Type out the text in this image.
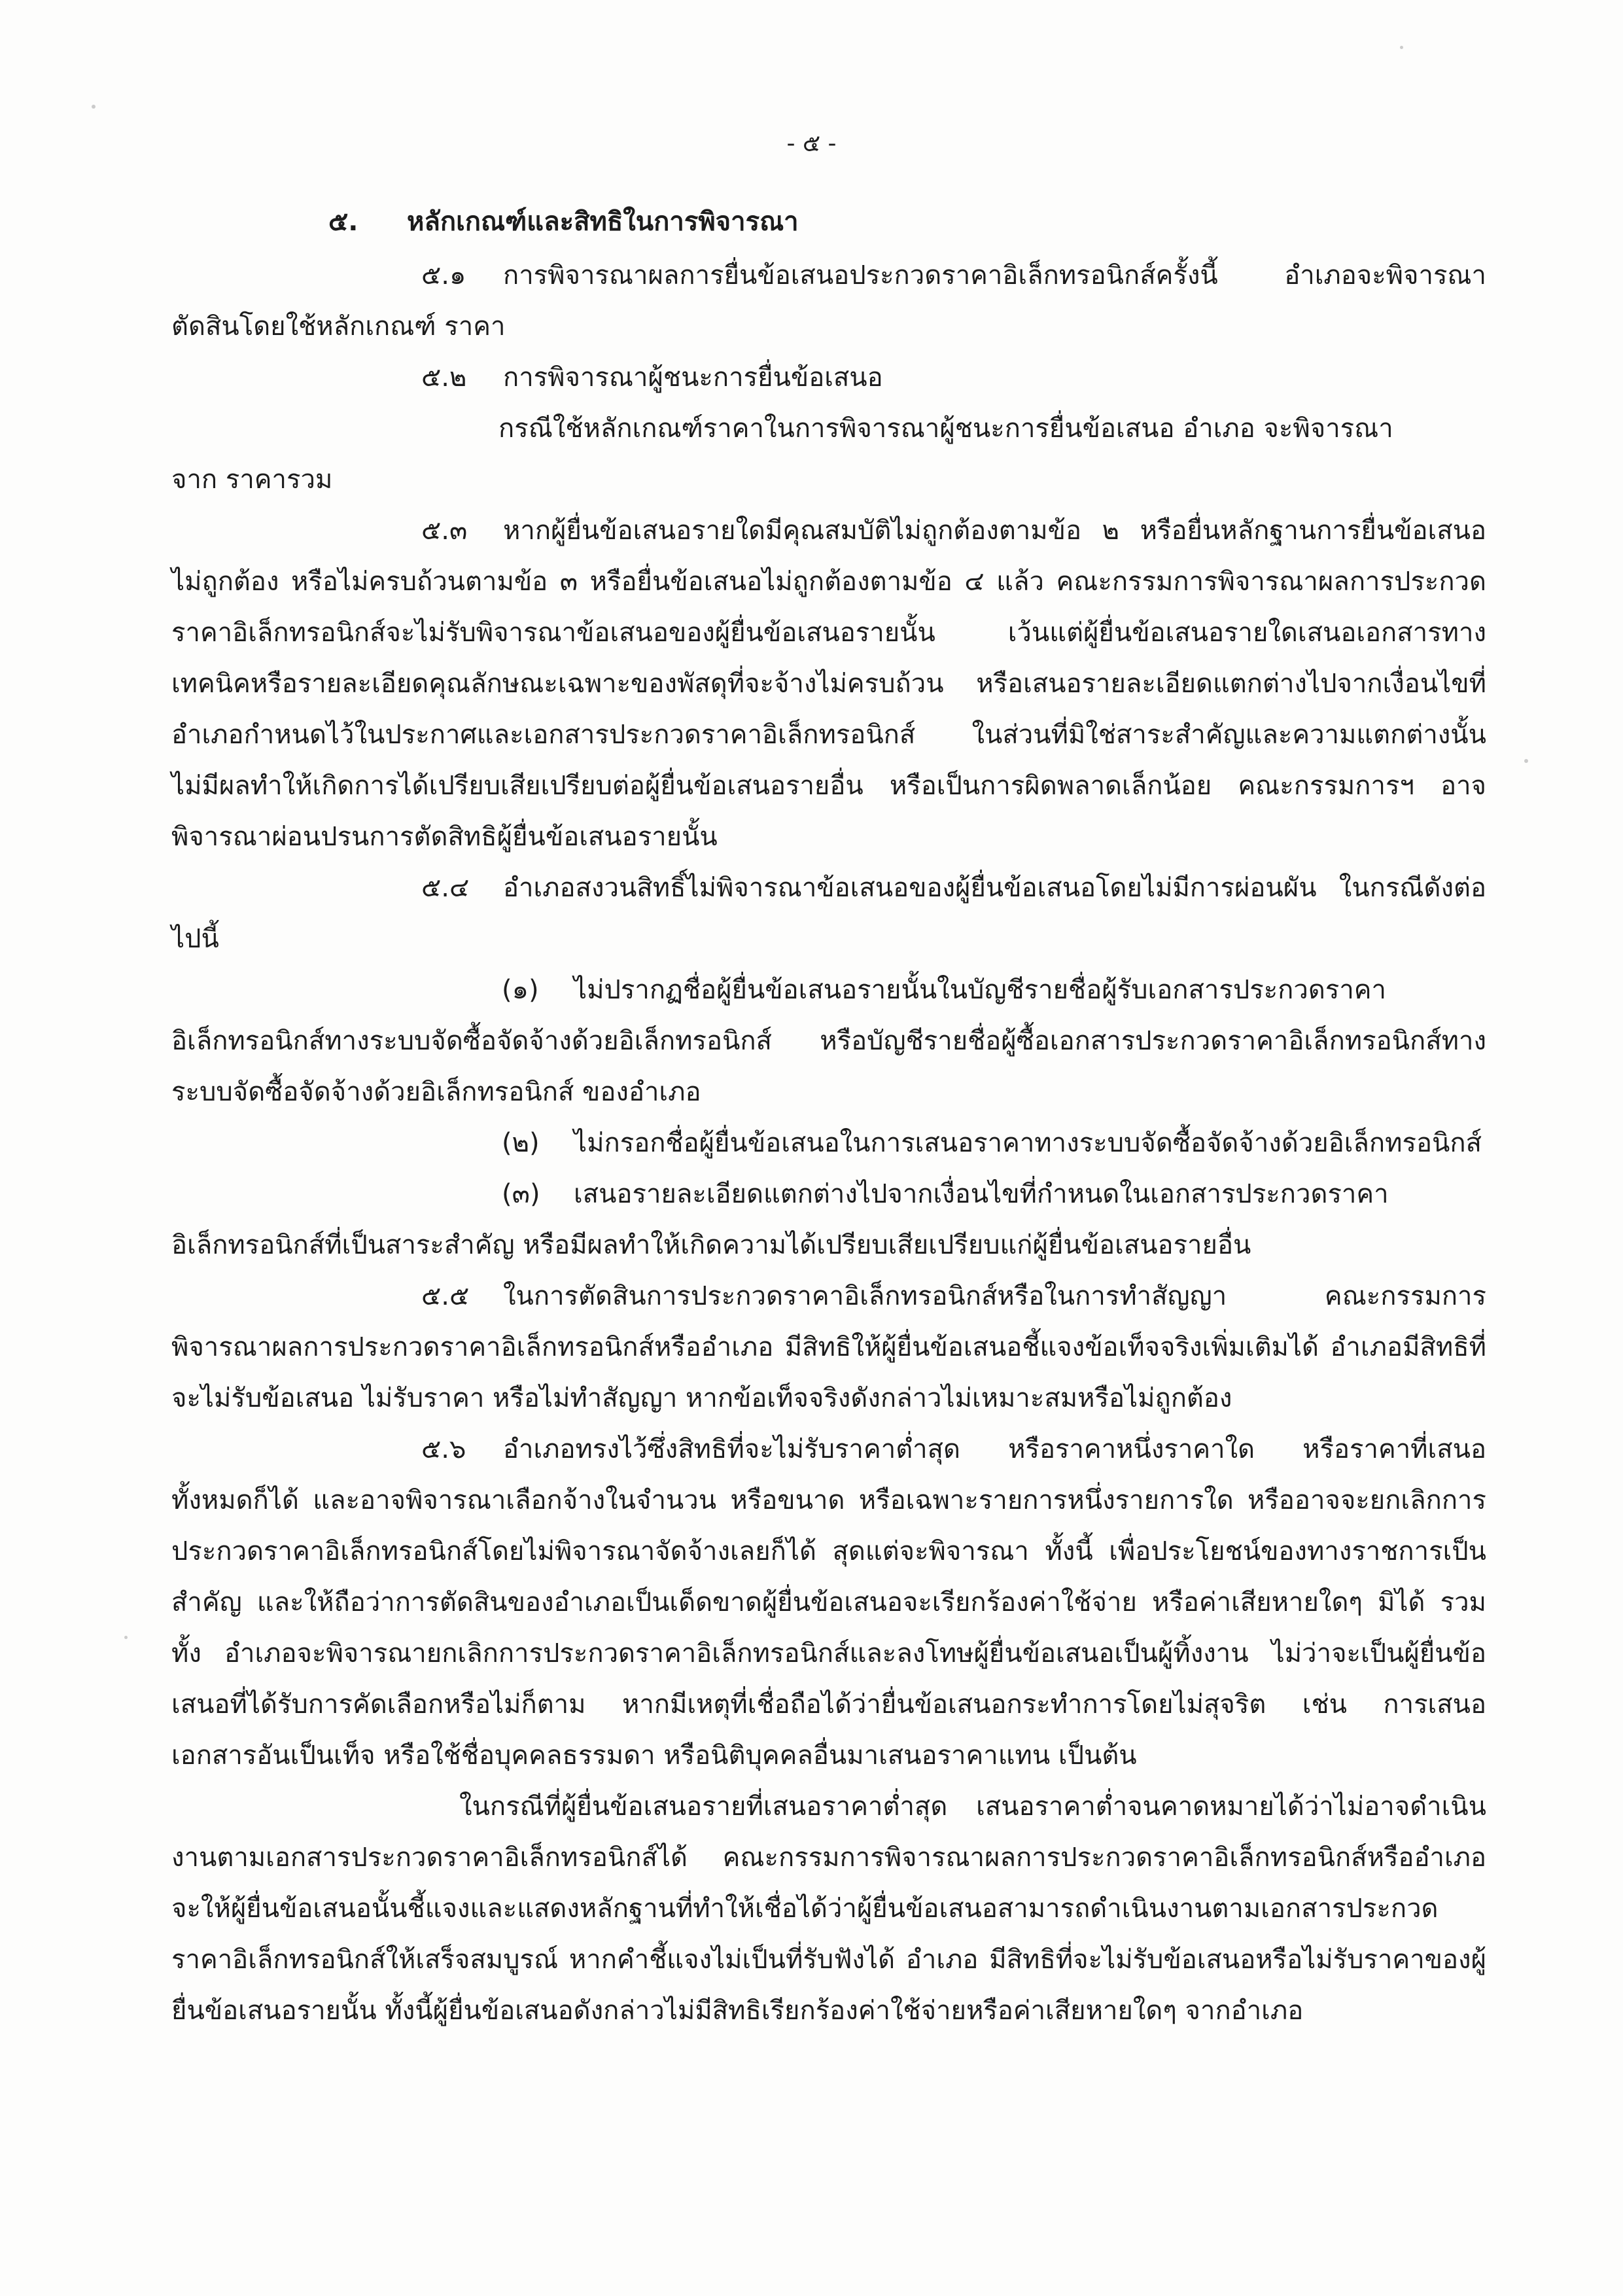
- ๕ -
๕. หลักเกณฑ์และสิทธิในการพิจารณา

๕.๑ การพิจารณาผลการยื่นข้อเสนอประกวดราคาอิเล็กทรอนิกส์ครั้งนี้ อำเภอจะพิจารณาตัดสินโดยใช้หลักเกณฑ์ ราคา

๕.๒ การพิจารณาผู้ชนะการยื่นข้อเสนอ

กรณีใช้หลักเกณฑ์ราคาในการพิจารณาผู้ชนะการยื่นข้อเสนอ อำเภอ จะพิจารณา

จาก ราคารวม

๕.๓ หากผู้ยื่นข้อเสนอรายใดมีคุณสมบัติไม่ถูกต้องตามข้อ ๒ หรือยื่นหลักฐานการยื่นข้อเสนอไม่ถูกต้อง หรือไม่ครบถ้วนตามข้อ ๓ หรือยื่นข้อเสนอไม่ถูกต้องตามข้อ ๔ แล้ว คณะกรรมการพิจารณาผลการประกวดราคาอิเล็กทรอนิกส์จะไม่รับพิจารณาข้อเสนอของผู้ยื่นข้อเสนอรายนั้น เว้นแต่ผู้ยื่นข้อเสนอรายใดเสนอเอกสารทางเทคนิคหรือรายละเอียดคุณลักษณะเฉพาะของพัสดุที่จะจ้างไม่ครบถ้วน หรือเสนอรายละเอียดแตกต่างไปจากเงื่อนไขที่อำเภอกำหนดไว้ในประกาศและเอกสารประกวดราคาอิเล็กทรอนิกส์ ในส่วนที่มิใช่สาระสำคัญและความแตกต่างนั้น ไม่มีผลทำให้เกิดการได้เปรียบเสียเปรียบต่อผู้ยื่นข้อเสนอรายอื่น หรือเป็นการผิดพลาดเล็กน้อย คณะกรรมการฯ อาจพิจารณาผ่อนปรนการตัดสิทธิผู้ยื่นข้อเสนอรายนั้น

๕.๔ อำเภอสงวนสิทธิ์ไม่พิจารณาข้อเสนอของผู้ยื่นข้อเสนอโดยไม่มีการผ่อนผัน ในกรณีดังต่อไปนี้

(๑) ไม่ปรากฏชื่อผู้ยื่นข้อเสนอรายนั้นในบัญชีรายชื่อผู้รับเอกสารประกวดราคาอิเล็กทรอนิกส์ทางระบบจัดซื้อจัดจ้างด้วยอิเล็กทรอนิกส์ หรือบัญชีรายชื่อผู้ซื้อเอกสารประกวดราคาอิเล็กทรอนิกส์ทางระบบจัดซื้อจัดจ้างด้วยอิเล็กทรอนิกส์ ของอำเภอ

(๒) ไม่กรอกชื่อผู้ยื่นข้อเสนอในการเสนอราคาทางระบบจัดซื้อจัดจ้างด้วยอิเล็กทรอนิกส์

(๓) เสนอรายละเอียดแตกต่างไปจากเงื่อนไขที่กำหนดในเอกสารประกวดราคาอิเล็กทรอนิกส์ที่เป็นสาระสำคัญ หรือมีผลทำให้เกิดความได้เปรียบเสียเปรียบแก่ผู้ยื่นข้อเสนอรายอื่น

๕.๕ ในการตัดสินการประกวดราคาอิเล็กทรอนิกส์หรือในการทำสัญญา คณะกรรมการพิจารณาผลการประกวดราคาอิเล็กทรอนิกส์หรืออำเภอ มีสิทธิให้ผู้ยื่นข้อเสนอชี้แจงข้อเท็จจริงเพิ่มเติมได้ อำเภอมีสิทธิที่จะไม่รับข้อเสนอ ไม่รับราคา หรือไม่ทำสัญญา หากข้อเท็จจริงดังกล่าวไม่เหมาะสมหรือไม่ถูกต้อง

๕.๖ อำเภอทรงไว้ซึ่งสิทธิที่จะไม่รับราคาต่ำสุด หรือราคาหนึ่งราคาใด หรือราคาที่เสนอทั้งหมดก็ได้ และอาจพิจารณาเลือกจ้างในจำนวน หรือขนาด หรือเฉพาะรายการหนึ่งรายการใด หรืออาจจะยกเลิกการประกวดราคาอิเล็กทรอนิกส์โดยไม่พิจารณาจัดจ้างเลยก็ได้ สุดแต่จะพิจารณา ทั้งนี้ เพื่อประโยชน์ของทางราชการเป็นสำคัญ และให้ถือว่าการตัดสินของอำเภอเป็นเด็ดขาดผู้ยื่นข้อเสนอจะเรียกร้องค่าใช้จ่าย หรือค่าเสียหายใดๆ มิได้ รวมทั้ง อำเภอจะพิจารณายกเลิกการประกวดราคาอิเล็กทรอนิกส์และลงโทษผู้ยื่นข้อเสนอเป็นผู้ทิ้งงาน ไม่ว่าจะเป็นผู้ยื่นข้อเสนอที่ได้รับการคัดเลือกหรือไม่ก็ตาม หากมีเหตุที่เชื่อถือได้ว่ายื่นข้อเสนอกระทำการโดยไม่สุจริต เช่น การเสนอเอกสารอันเป็นเท็จ หรือใช้ชื่อบุคคลธรรมดา หรือนิติบุคคลอื่นมาเสนอราคาแทน เป็นต้น

ในกรณีที่ผู้ยื่นข้อเสนอรายที่เสนอราคาต่ำสุด เสนอราคาต่ำจนคาดหมายได้ว่าไม่อาจดำเนินงานตามเอกสารประกวดราคาอิเล็กทรอนิกส์ได้ คณะกรรมการพิจารณาผลการประกวดราคาอิเล็กทรอนิกส์หรืออำเภอ จะให้ผู้ยื่นข้อเสนอนั้นชี้แจงและแสดงหลักฐานที่ทำให้เชื่อได้ว่าผู้ยื่นข้อเสนอสามารถดำเนินงานตามเอกสารประกวดราคาอิเล็กทรอนิกส์ให้เสร็จสมบูรณ์ หากคำชี้แจงไม่เป็นที่รับฟังได้ อำเภอ มีสิทธิที่จะไม่รับข้อเสนอหรือไม่รับราคาของผู้ยื่นข้อเสนอรายนั้น ทั้งนี้ผู้ยื่นข้อเสนอดังกล่าวไม่มีสิทธิเรียกร้องค่าใช้จ่ายหรือค่าเสียหายใดๆ จากอำเภอ
